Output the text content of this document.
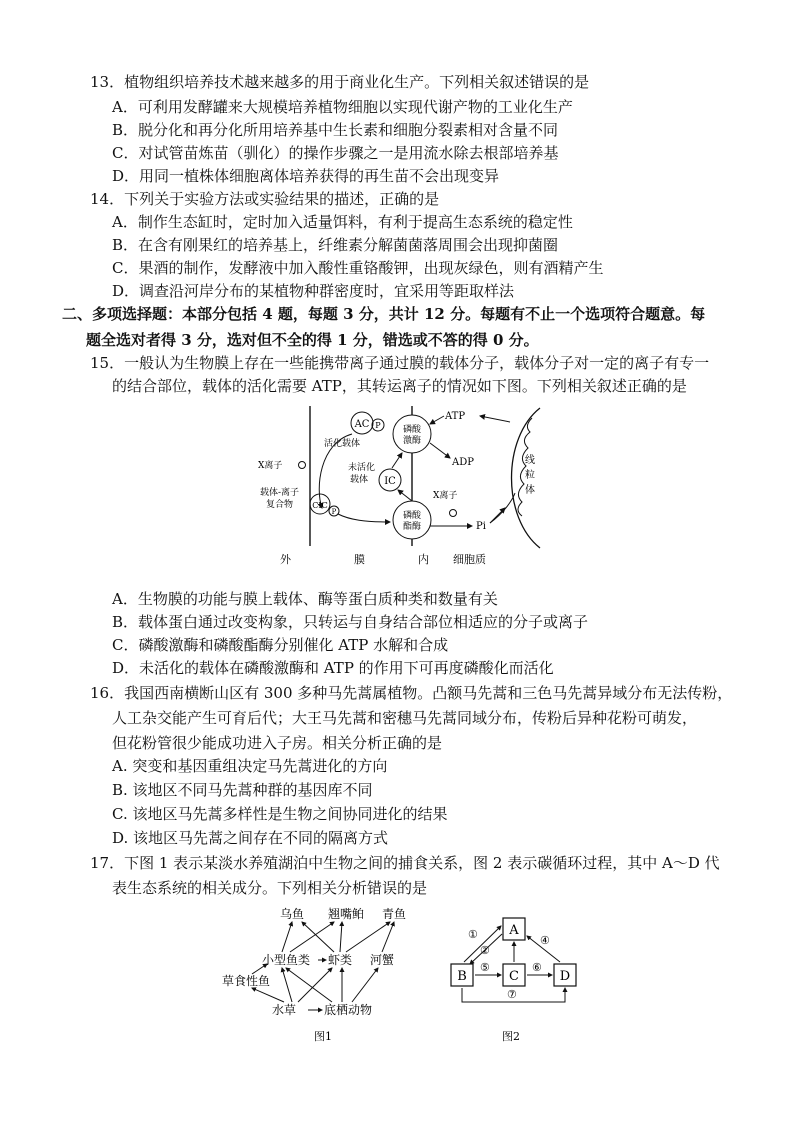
13．植物组织培养技术越来越多的用于商业化生产。下列相关叙述错误的是
A．可利用发酵罐来大规模培养植物细胞以实现代谢产物的工业化生产
B．脱分化和再分化所用培养基中生长素和细胞分裂素相对含量不同
C．对试管苗炼苗（驯化）的操作步骤之一是用流水除去根部培养基
D．用同一植株体细胞离体培养获得的再生苗不会出现变异
14．下列关于实验方法或实验结果的描述，正确的是
A．制作生态缸时，定时加入适量饵料，有利于提高生态系统的稳定性
B．在含有刚果红的培养基上，纤维素分解菌菌落周围会出现抑菌圈
C．果酒的制作，发酵液中加入酸性重铬酸钾，出现灰绿色，则有酒精产生
D．调查沿河岸分布的某植物种群密度时，宜采用等距取样法
二、多项选择题：本部分包括 4 题，每题 3 分，共计 12 分。每题有不止一个选项符合题意。每
题全选对者得 3 分，选对但不全的得 1 分，错选或不答的得 0 分。
15．一般认为生物膜上存在一些能携带离子通过膜的载体分子，载体分子对一定的离子有专一
的结合部位，载体的活化需要 ATP，其转运离子的情况如下图。下列相关叙述正确的是
AC P
活化载体
磷酸
激酶
ATP
ADP	线
粒
体
X离子	未活化
载体 IC
载体-离子
复合物 CIC
P	磷酸
酯酶
X离子
Pi
外	膜	内 细胞质
A．生物膜的功能与膜上载体、酶等蛋白质种类和数量有关
B．载体蛋白通过改变构象，只转运与自身结合部位相适应的分子或离子
C．磷酸激酶和磷酸酯酶分别催化 ATP 水解和合成
D．未活化的载体在磷酸激酶和 ATP 的作用下可再度磷酸化而活化
16．我国西南横断山区有 300 多种马先蒿属植物。凸额马先蒿和三色马先蒿异域分布无法传粉，
人工杂交能产生可育后代；大王马先蒿和密穗马先蒿同域分布，传粉后异种花粉可萌发，
但花粉管很少能成功进入子房。相关分析正确的是
A. 突变和基因重组决定马先蒿进化的方向
B. 该地区不同马先蒿种群的基因库不同
C. 该地区马先蒿多样性是生物之间协同进化的结果
D. 该地区马先蒿之间存在不同的隔离方式
17．下图 1 表示某淡水养殖湖泊中生物之间的捕食关系，图 2 表示碳循环过程，其中 A～D 代
表生态系统的相关成分。下列相关分析错误的是
乌鱼 翘嘴鲌 青鱼
小型鱼类 虾类 河蟹
草食性鱼
水草 底栖动物
图1
A
B	C	D
①
②
④
⑤	⑥
⑦
图2
